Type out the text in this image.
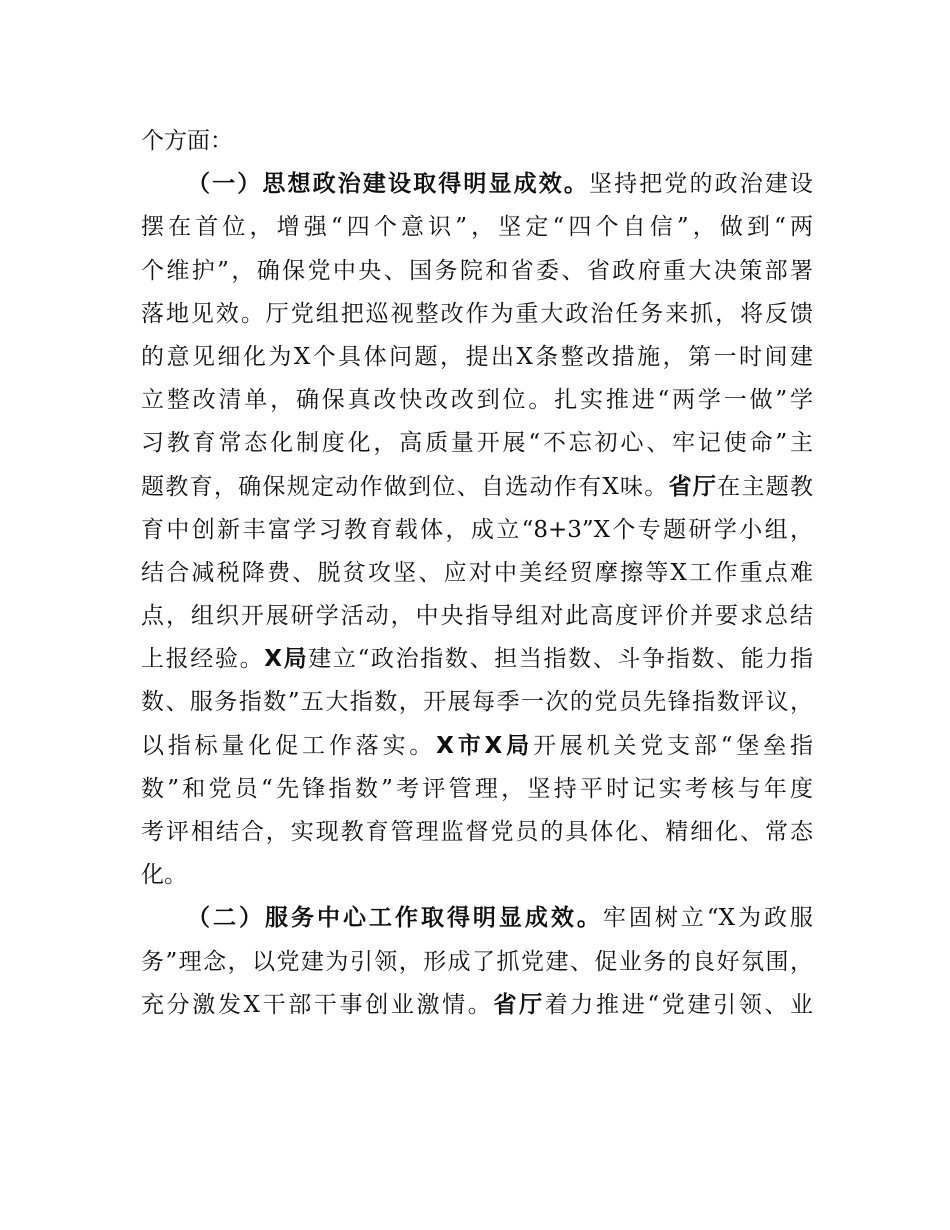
个方面：
（一）思想政治建设取得明显成效。坚持把党的政治建设
摆在首位，增强“四个意识”，坚定“四个自信”，做到“两
个维护”，确保党中央、国务院和省委、省政府重大决策部署
落地见效。厅党组把巡视整改作为重大政治任务来抓，将反馈
的意见细化为X个具体问题，提出X条整改措施，第一时间建
立整改清单，确保真改快改改到位。扎实推进“两学一做”学
习教育常态化制度化，高质量开展“不忘初心、牢记使命”主
题教育，确保规定动作做到位、自选动作有X味。省厅在主题教
育中创新丰富学习教育载体，成立“8+3”X个专题研学小组，
结合减税降费、脱贫攻坚、应对中美经贸摩擦等X工作重点难
点，组织开展研学活动，中央指导组对此高度评价并要求总结
上报经验。X局建立“政治指数、担当指数、斗争指数、能力指
数、服务指数”五大指数，开展每季一次的党员先锋指数评议，
以指标量化促工作落实。X市X局开展机关党支部“堡垒指
数”和党员“先锋指数”考评管理，坚持平时记实考核与年度
考评相结合，实现教育管理监督党员的具体化、精细化、常态
化。
（二）服务中心工作取得明显成效。牢固树立“X为政服
务”理念，以党建为引领，形成了抓党建、促业务的良好氛围，
充分激发X干部干事创业激情。省厅着力推进“党建引领、业
